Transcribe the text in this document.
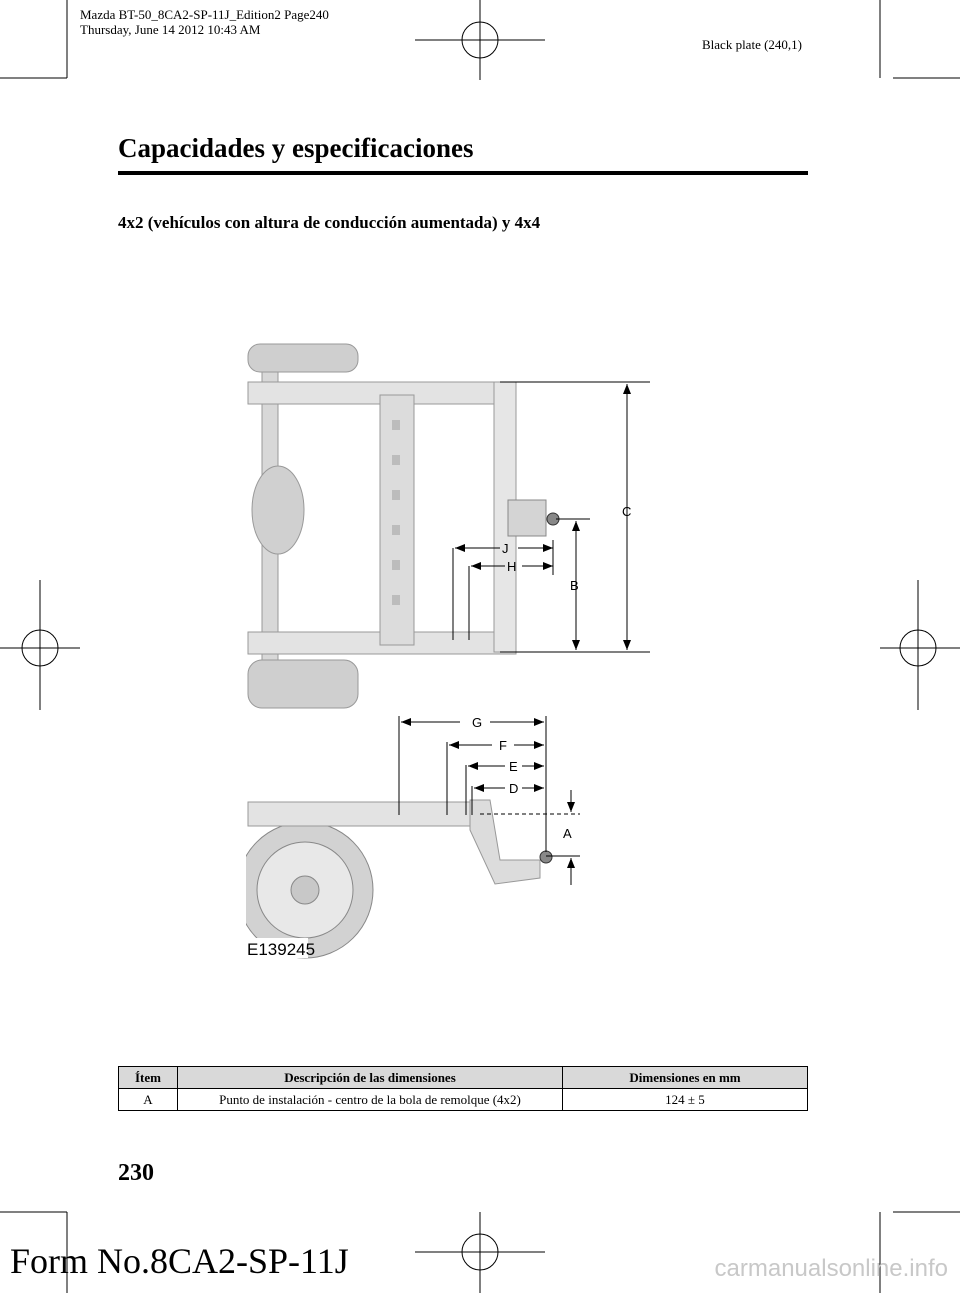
Mazda BT-50_8CA2-SP-11J_Edition2 Page240
Thursday, June 14 2012 10:43 AM
Black plate (240,1)
Capacidades y especificaciones
4x2 (vehículos con altura de conducción aumentada) y 4x4
C
B
J
H
E139245
G
F
E
D
A
Ítem	Descripción de las dimensiones	Dimensiones en mm
A	Punto de instalación - centro de la bola de remolque (4x2)	124 ± 5
230
Form No.8CA2-SP-11J	carmanualsonline.info
